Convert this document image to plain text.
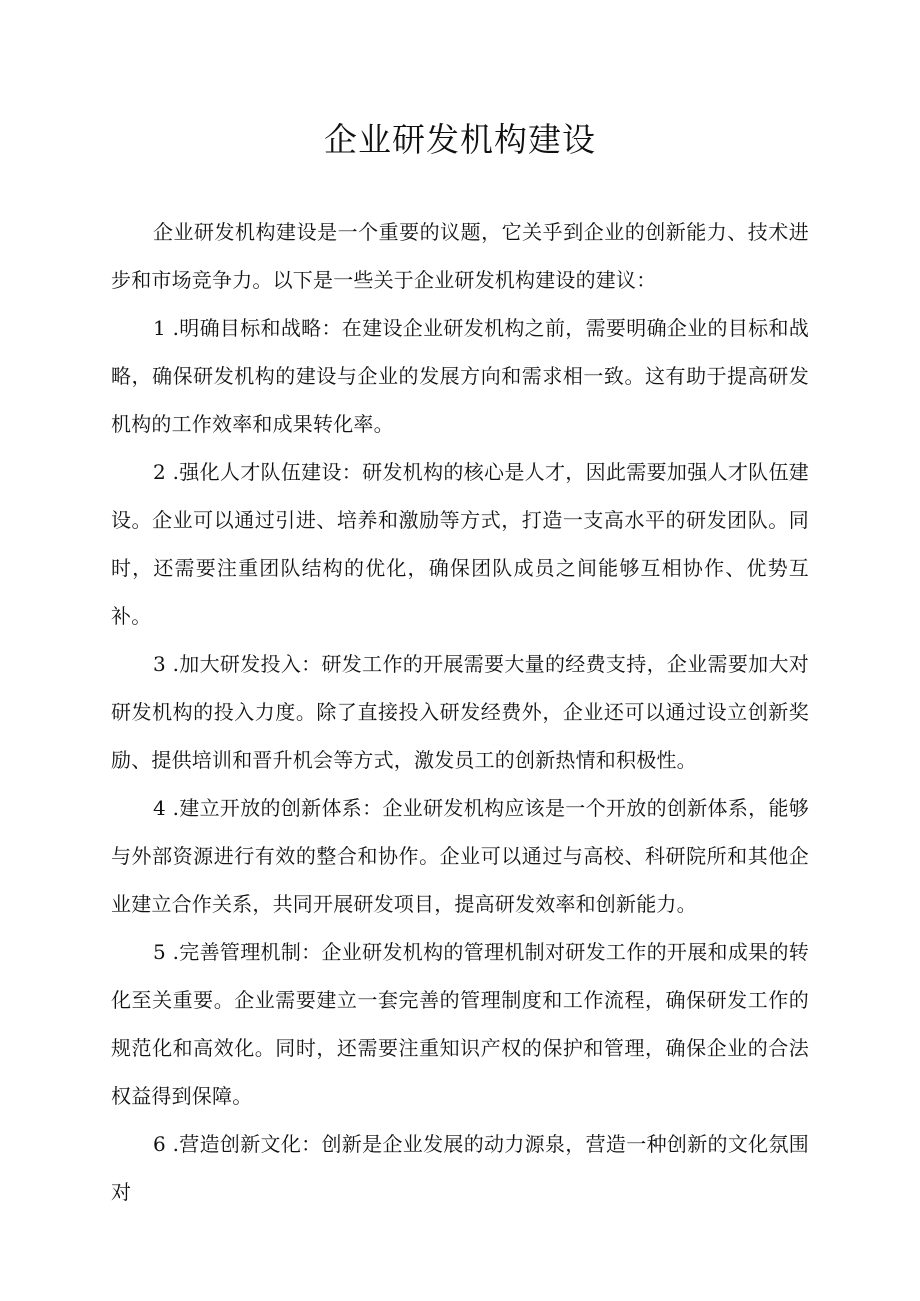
企业研发机构建设

企业研发机构建设是一个重要的议题，它关乎到企业的创新能力、技术进步和市场竞争力。以下是一些关于企业研发机构建设的建议：

1 .明确目标和战略：在建设企业研发机构之前，需要明确企业的目标和战略，确保研发机构的建设与企业的发展方向和需求相一致。这有助于提高研发机构的工作效率和成果转化率。

2 .强化人才队伍建设：研发机构的核心是人才，因此需要加强人才队伍建设。企业可以通过引进、培养和激励等方式，打造一支高水平的研发团队。同时，还需要注重团队结构的优化，确保团队成员之间能够互相协作、优势互补。

3 .加大研发投入：研发工作的开展需要大量的经费支持，企业需要加大对研发机构的投入力度。除了直接投入研发经费外，企业还可以通过设立创新奖励、提供培训和晋升机会等方式，激发员工的创新热情和积极性。

4 .建立开放的创新体系：企业研发机构应该是一个开放的创新体系，能够与外部资源进行有效的整合和协作。企业可以通过与高校、科研院所和其他企业建立合作关系，共同开展研发项目，提高研发效率和创新能力。

5 .完善管理机制：企业研发机构的管理机制对研发工作的开展和成果的转化至关重要。企业需要建立一套完善的管理制度和工作流程，确保研发工作的规范化和高效化。同时，还需要注重知识产权的保护和管理，确保企业的合法权益得到保障。

6 .营造创新文化：创新是企业发展的动力源泉，营造一种创新的文化氛围对
